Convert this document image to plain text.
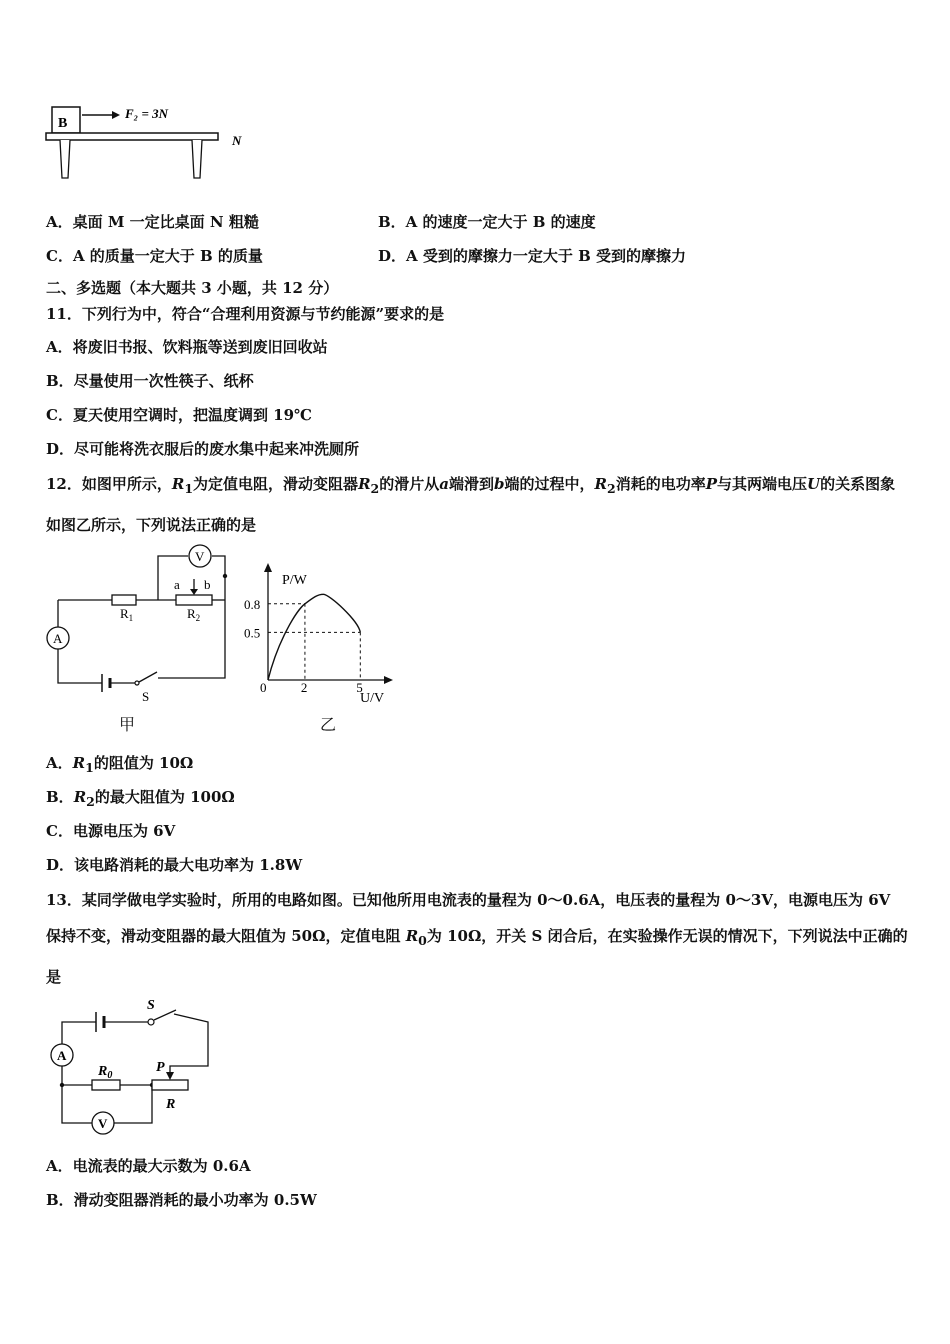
B
F₂ = 3N
N
A．桌面 M 一定比桌面 N 粗糙	B．A 的速度一定大于 B 的速度
C．A 的质量一定大于 B 的质量	D．A 受到的摩擦力一定大于 B 受到的摩擦力
二、多选题（本大题共 3 小题，共 12 分）
11．下列行为中，符合“合理利用资源与节约能源”要求的是
A．将废旧书报、饮料瓶等送到废旧回收站
B．尽量使用一次性筷子、纸杯
C．夏天使用空调时，把温度调到 19℃
D．尽可能将洗衣服后的废水集中起来冲洗厕所
12．如图甲所示，$R_1$为定值电阻，滑动变阻器$R_2$的滑片从a端滑到b端的过程中，$R_2$消耗的电功率P与其两端电压U的关系图象如图乙所示，下列说法正确的是
$R_1$	$R_2$
a b
V
A
S
甲
P/W
U/V
0	2	5
0.5
0.8
乙
A．$R_1$的阻值为 10Ω
B．$R_2$的最大阻值为 100Ω
C．电源电压为 6V
D．该电路消耗的最大电功率为 1.8W
13．某同学做电学实验时，所用的电路如图。已知他所用电流表的量程为 0～0.6A，电压表的量程为 0～3V，电源电压为 6V 保持不变，滑动变阻器的最大阻值为 50Ω，定值电阻 $R_0$为 10Ω，开关 S 闭合后，在实验操作无误的情况下，下列说法中正确的是
A
S
$R_0$
P
R
V
A．电流表的最大示数为 0.6A
B．滑动变阻器消耗的最小功率为 0.5W
